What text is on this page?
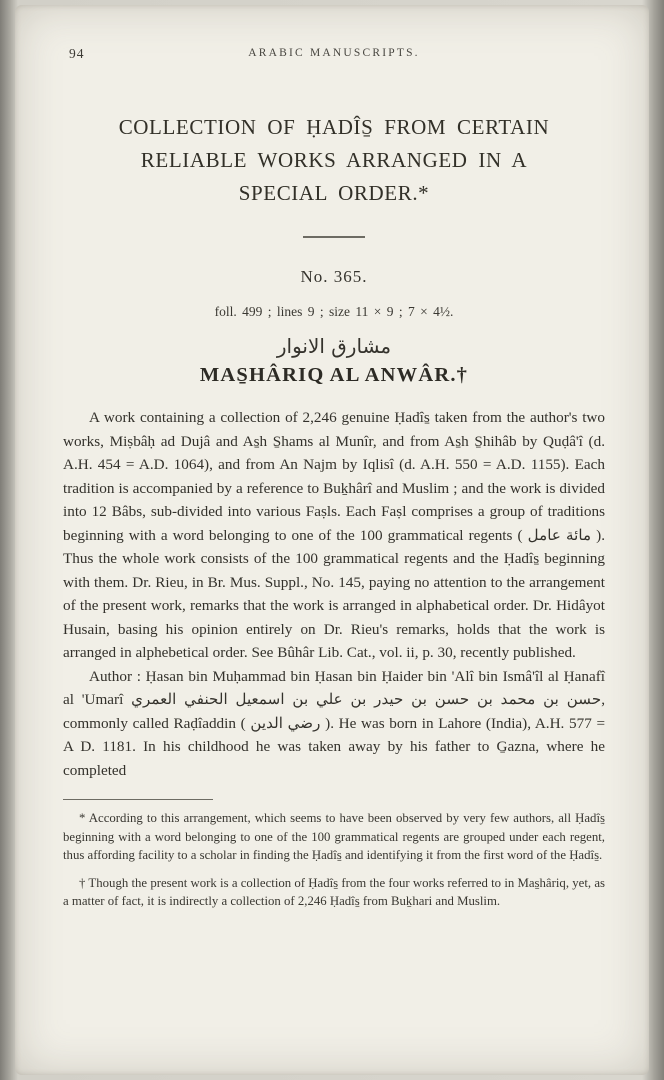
94	ARABIC MANUSCRIPTS.
COLLECTION OF ḤADÎS̱ FROM CERTAIN
RELIABLE WORKS ARRANGED IN A
SPECIAL ORDER.*
No. 365.
foll. 499 ; lines 9 ; size 11 × 9 ; 7 × 4½.
مشارق الانوار
MAS̱HÂRIQ AL ANWÂR.†

A work containing a collection of 2,246 genuine Ḥadîs̱ taken from the author's two works, Miṣbâḥ ad Dujâ and As̱h S̱hams al Munîr, and from As̱h S̱hihâb by Quḍâ'î (d. A.H. 454 = A.D. 1064), and from An Najm by Iqlisî (d. A.H. 550 = A.D. 1155). Each tradition is accompanied by a reference to Buḵhârî and Muslim ; and the work is divided into 12 Bâbs, sub-divided into various Faṣls. Each Faṣl comprises a group of traditions beginning with a word belonging to one of the 100 grammatical regents ( مائة عامل ). Thus the whole work consists of the 100 grammatical regents and the Ḥadîs̱ beginning with them. Dr. Rieu, in Br. Mus. Suppl., No. 145, paying no attention to the arrangement of the present work, remarks that the work is arranged in alphabetical order. Dr. Hidâyot Husain, basing his opinion entirely on Dr. Rieu's remarks, holds that the work is arranged in alphebetical order. See Bûhâr Lib. Cat., vol. ii, p. 30, recently published.

Author : Ḥasan bin Muḥammad bin Ḥasan bin Ḥaider bin 'Alî bin Ismâ'îl al Ḥanafî al 'Umarî حسن بن محمد بن حسن بن حيدر بن علي بن اسمعيل الحنفي العمري, commonly called Raḍîaddin ( رضي الدين ). He was born in Lahore (India), A.H. 577 = A D. 1181. In his childhood he was taken away by his father to G̱azna, where he completed

* According to this arrangement, which seems to have been observed by very few authors, all Ḥadîs̱ beginning with a word belonging to one of the 100 grammatical regents are grouped under each regent, thus affording facility to a scholar in finding the Ḥadîs̱ and identifying it from the first word of the Ḥadîs̱.

† Though the present work is a collection of Ḥadîs̱ from the four works referred to in Mas̱hâriq, yet, as a matter of fact, it is indirectly a collection of 2,246 Ḥadîs̱ from Buḵhari and Muslim.
